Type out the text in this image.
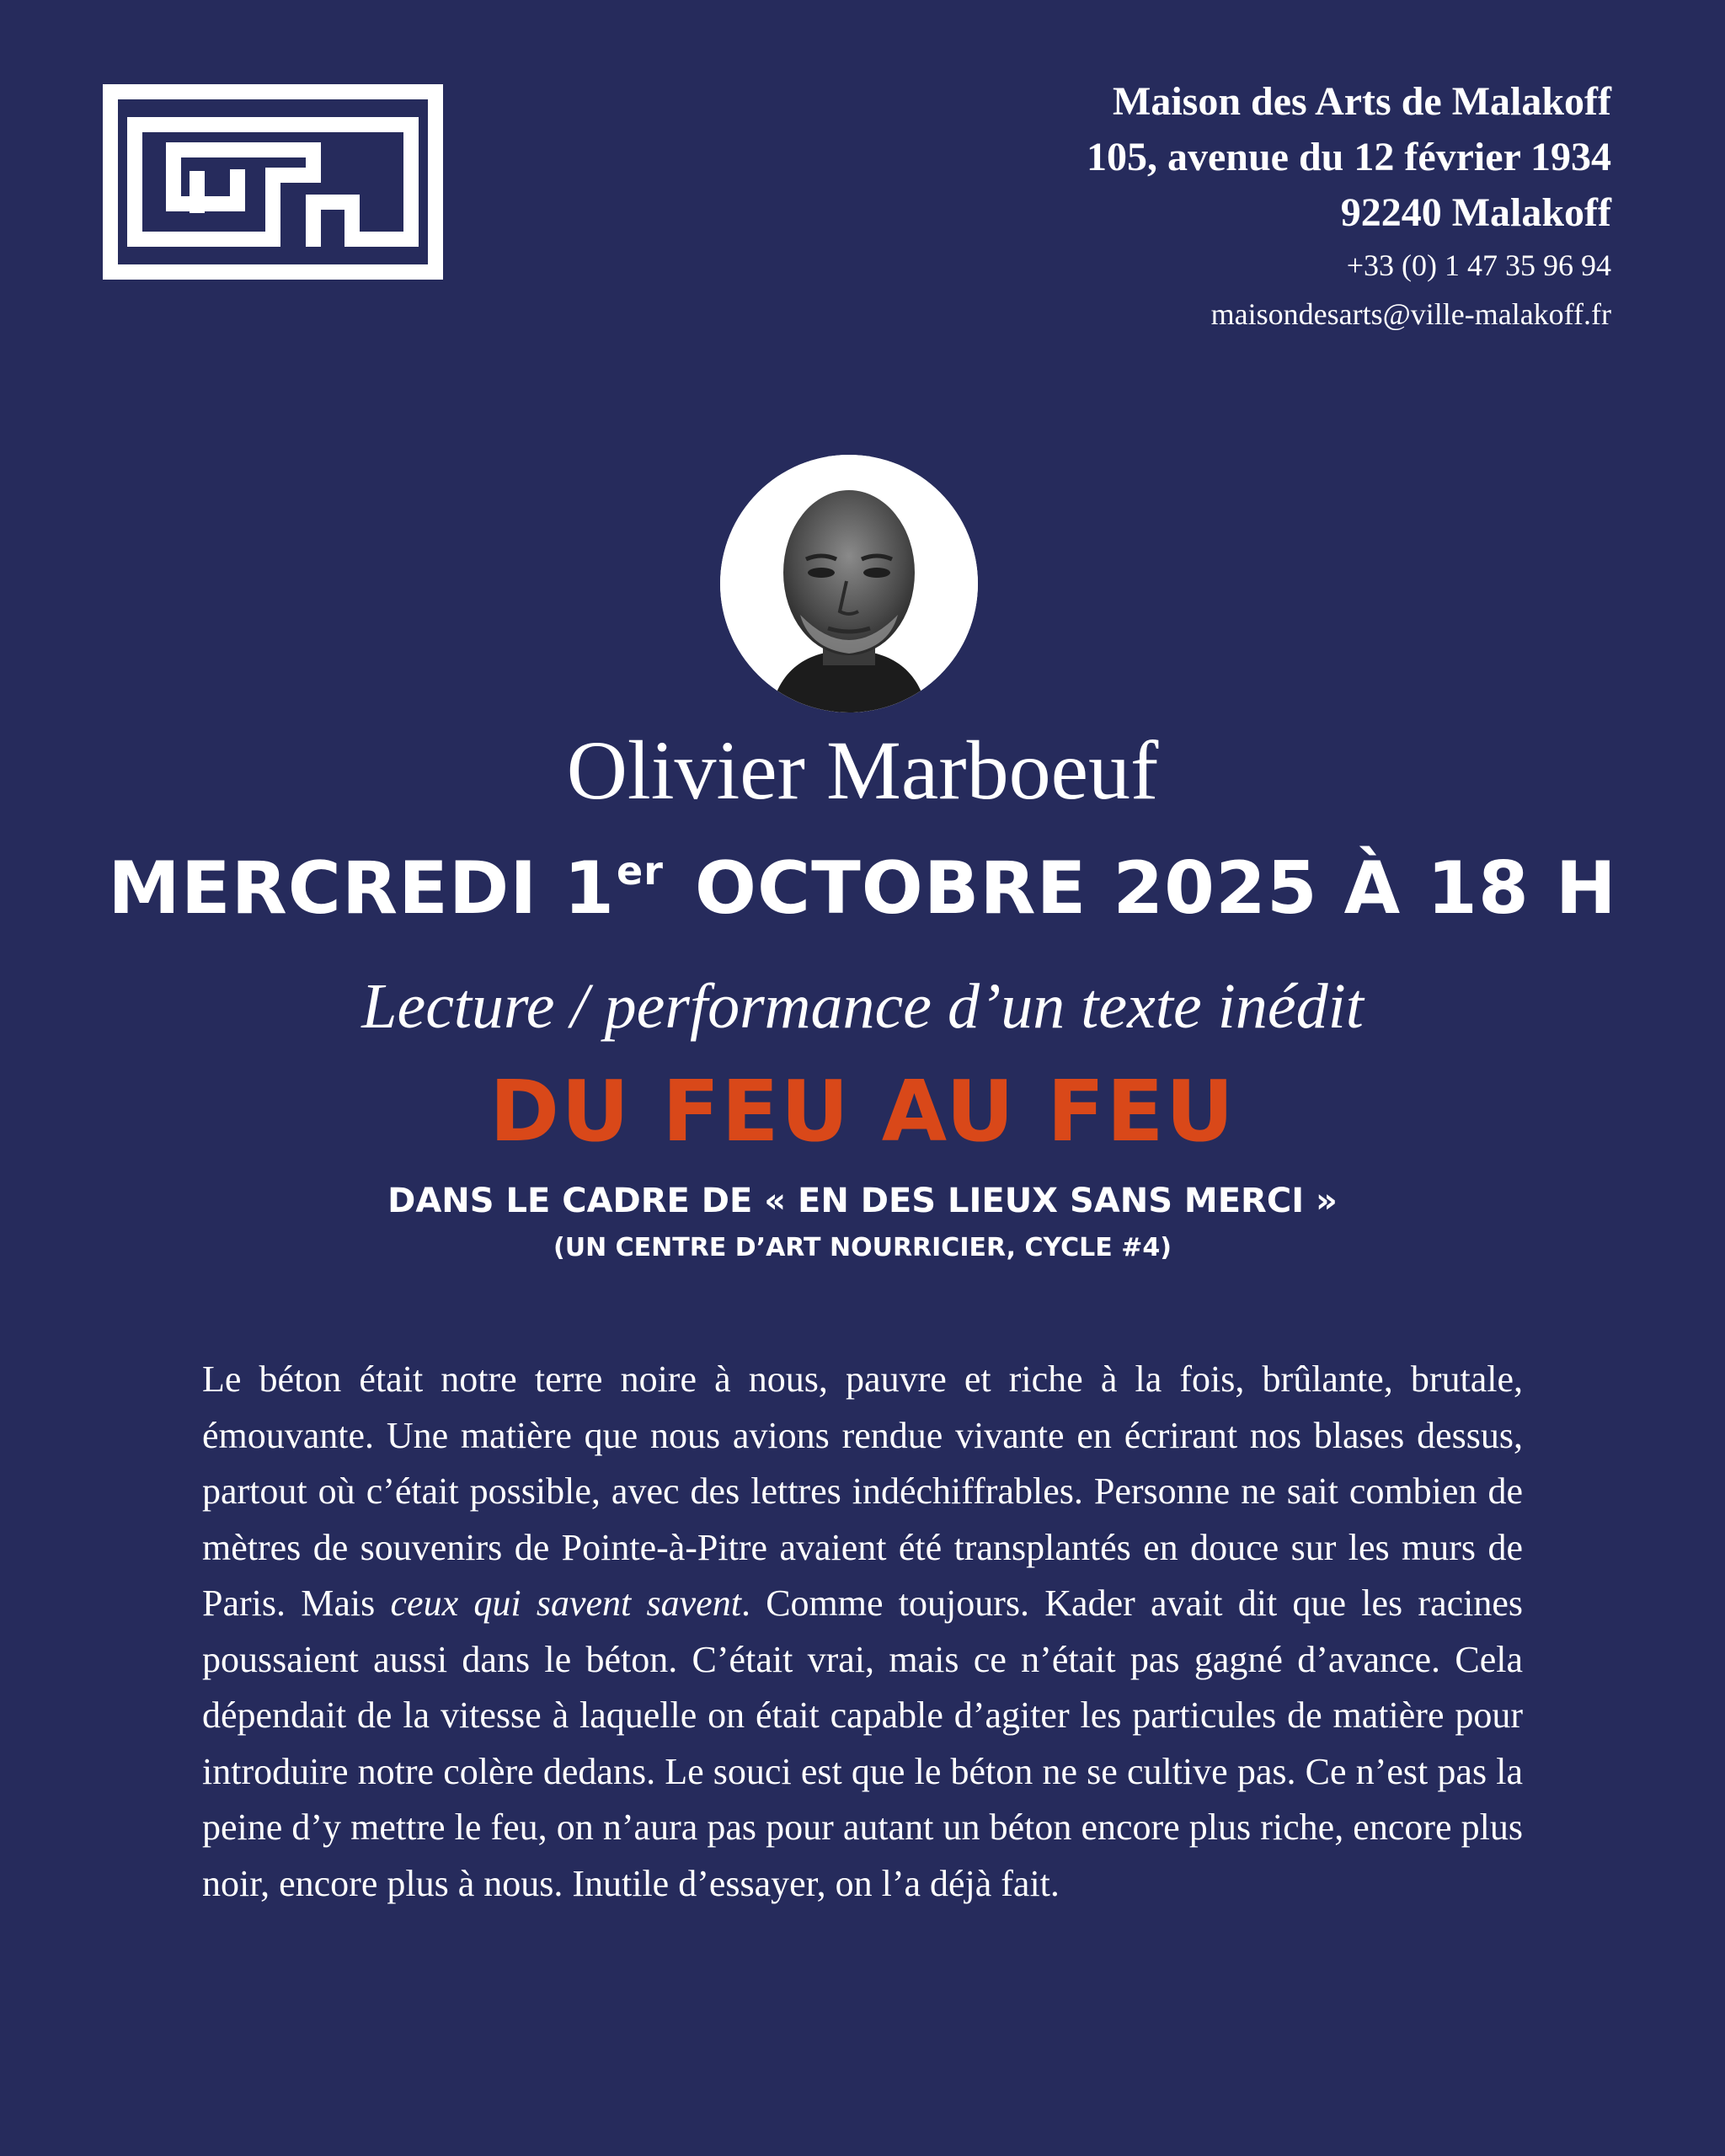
Maison des Arts de Malakoff
105, avenue du 12 février 1934
92240 Malakoff
+33 (0) 1 47 35 96 94
maisondesarts@ville-malakoff.fr
Olivier Marboeuf
MERCREDI 1er OCTOBRE 2025 À 18 H
Lecture / performance d’un texte inédit
DU FEU AU FEU
DANS LE CADRE DE « EN DES LIEUX SANS MERCI »
(UN CENTRE D’ART NOURRICIER, CYCLE #4)
Le béton était notre terre noire à nous, pauvre et riche à la fois, brûlante, brutale, émouvante. Une matière que nous avions rendue vivante en écrirant nos blases dessus, partout où c’était possible, avec des lettres indéchiffrables. Personne ne sait combien de mètres de souvenirs de Pointe-à-Pitre avaient été transplantés en douce sur les murs de Paris. Mais ceux qui savent savent. Comme toujours. Kader avait dit que les racines poussaient aussi dans le béton. C’était vrai, mais ce n’était pas gagné d’avance. Cela dépendait de la vitesse à laquelle on était capable d’agiter les particules de matière pour introduire notre colère dedans. Le souci est que le béton ne se cultive pas. Ce n’est pas la peine d’y mettre le feu, on n’aura pas pour autant un béton encore plus riche, encore plus noir, encore plus à nous. Inutile d’essayer, on l’a déjà fait.
